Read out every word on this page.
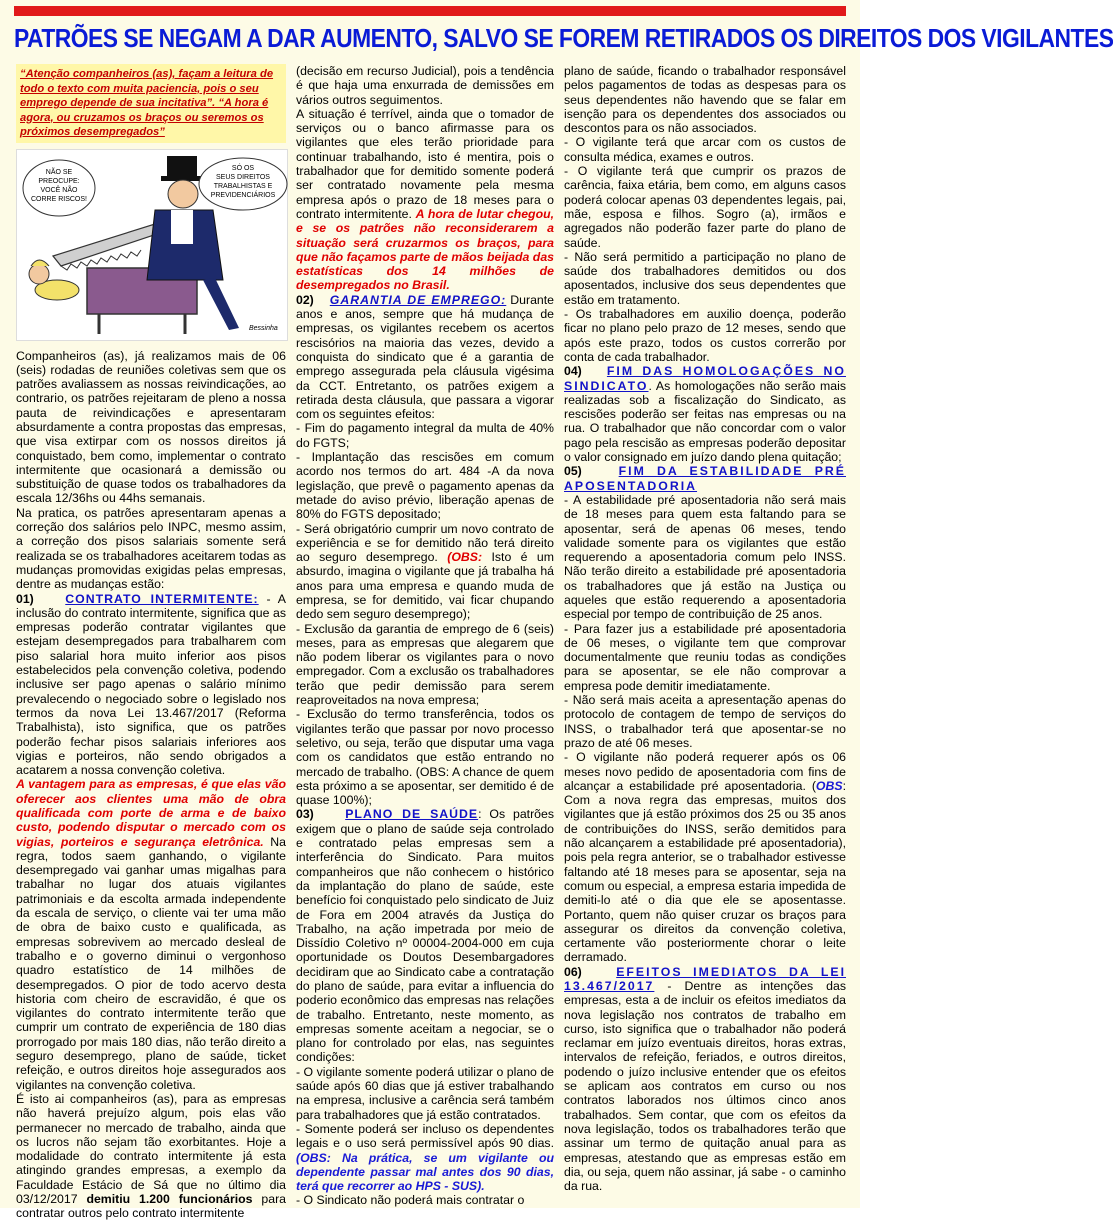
PATRÕES SE NEGAM A DAR AUMENTO, SALVO SE FOREM RETIRADOS OS DIREITOS DOS VIGILANTES
“Atenção companheiros (as), façam a leitura de todo o texto com muita paciencia, pois o seu emprego depende de sua incitativa”. “A hora é agora, ou cruzamos os braços ou seremos os próximos desempregados”
NÃO SE
PREOCUPE:
VOCÊ NÃO
CORRE RISCOS!
SÓ OS
SEUS DIREITOS
TRABALHISTAS E
PREVIDENCIÁRIOS
Bessinha

Companheiros (as), já realizamos mais de 06 (seis) rodadas de reuniões coletivas sem que os patrões avaliassem as nossas reivindicações, ao contrario, os patrões rejeitaram de pleno a nossa pauta de reivindicações e apresentaram absurdamente a contra propostas das empresas, que visa extirpar com os nossos direitos já conquistado, bem como, implementar o contrato intermitente que ocasionará a demissão ou substituição de quase todos os trabalhadores da escala 12/36hs ou 44hs semanais.

Na pratica, os patrões apresentaram apenas a correção dos salários pelo INPC, mesmo assim, a correção dos pisos salariais somente será realizada se os trabalhadores aceitarem todas as mudanças promovidas exigidas pelas empresas, dentre as mudanças estão:

01)	CONTRATO INTERMITENTE: - A inclusão do contrato intermitente, significa que as empresas poderão contratar vigilantes que estejam desempregados para trabalharem com piso salarial hora muito inferior aos pisos estabelecidos pela convenção coletiva, podendo inclusive ser pago apenas o salário mínimo prevalecendo o negociado sobre o legislado nos termos da nova Lei 13.467/2017 (Reforma Trabalhista), isto significa, que os patrões poderão fechar pisos salariais inferiores aos vigias e porteiros, não sendo obrigados a acatarem a nossa convenção coletiva.

A vantagem para as empresas, é que elas vão oferecer aos clientes uma mão de obra qualificada com porte de arma e de baixo custo, podendo disputar o mercado com os vigias, porteiros e segurança eletrônica. Na regra, todos saem ganhando, o vigilante desempregado vai ganhar umas migalhas para trabalhar no lugar dos atuais vigilantes patrimoniais e da escolta armada independente da escala de serviço, o cliente vai ter uma mão de obra de baixo custo e qualificada, as empresas sobrevivem ao mercado desleal de trabalho e o governo diminui o vergonhoso quadro estatístico de 14 milhões de desempregados. O pior de todo acervo desta historia com cheiro de escravidão, é que os vigilantes do contrato intermitente terão que cumprir um contrato de experiência de 180 dias prorrogado por mais 180 dias, não terão direito a seguro desemprego, plano de saúde, ticket refeição, e outros direitos hoje assegurados aos vigilantes na convenção coletiva.

É isto ai companheiros (as), para as empresas não haverá prejuízo algum, pois elas vão permanecer no mercado de trabalho, ainda que os lucros não sejam tão exorbitantes. Hoje a modalidade do contrato intermitente já esta atingindo grandes empresas, a exemplo da Faculdade Estácio de Sá que no último dia 03/12/2017 demitiu 1.200 funcionários para contratar outros pelo contrato intermitente

(decisão em recurso Judicial), pois a tendência é que haja uma enxurrada de demissões em vários outros seguimentos.

A situação é terrível, ainda que o tomador de serviços ou o banco afirmasse para os vigilantes que eles terão prioridade para continuar trabalhando, isto é mentira, pois o trabalhador que for demitido somente poderá ser contratado novamente pela mesma empresa após o prazo de 18 meses para o contrato intermitente. A hora de lutar chegou, e se os patrões não reconsiderarem a situação será cruzarmos os braços, para que não façamos parte de mãos beijada das estatísticas dos 14 milhões de desempregados no Brasil.

02) GARANTIA DE EMPREGO: Durante anos e anos, sempre que há mudança de empresas, os vigilantes recebem os acertos rescisórios na maioria das vezes, devido a conquista do sindicato que é a garantia de emprego assegurada pela cláusula vigésima da CCT. Entretanto, os patrões exigem a retirada desta cláusula, que passara a vigorar com os seguintes efeitos:

- Fim do pagamento integral da multa de 40% do FGTS;

- Implantação das rescisões em comum acordo nos termos do art. 484 -A da nova legislação, que prevê o pagamento apenas da metade do aviso prévio, liberação apenas de 80% do FGTS depositado;

- Será obrigatório cumprir um novo contrato de experiência e se for demitido não terá direito ao seguro desemprego. (OBS: Isto é um absurdo, imagina o vigilante que já trabalha há anos para uma empresa e quando muda de empresa, se for demitido, vai ficar chupando dedo sem seguro desemprego);

- Exclusão da garantia de emprego de 6 (seis) meses, para as empresas que alegarem que não podem liberar os vigilantes para o novo empregador. Com a exclusão os trabalhadores terão que pedir demissão para serem reaproveitados na nova empresa;

- Exclusão do termo transferência, todos os vigilantes terão que passar por novo processo seletivo, ou seja, terão que disputar uma vaga com os candidatos que estão entrando no mercado de trabalho. (OBS: A chance de quem esta próximo a se aposentar, ser demitido é de quase 100%);

03)	PLANO DE SAÚDE: Os patrões exigem que o plano de saúde seja controlado e contratado pelas empresas sem a interferência do Sindicato. Para muitos companheiros que não conhecem o histórico da implantação do plano de saúde, este benefício foi conquistado pelo sindicato de Juiz de Fora em 2004 através da Justiça do Trabalho, na ação impetrada por meio de Dissídio Coletivo nº 00004-2004-000 em cuja oportunidade os Doutos Desembargadores decidiram que ao Sindicato cabe a contratação do plano de saúde, para evitar a influencia do poderio econômico das empresas nas relações de trabalho. Entretanto, neste momento, as empresas somente aceitam a negociar, se o plano for controlado por elas, nas seguintes condições:

- O vigilante somente poderá utilizar o plano de saúde após 60 dias que já estiver trabalhando na empresa, inclusive a carência será também para trabalhadores que já estão contratados.

- Somente poderá ser incluso os dependentes legais e o uso será permissível após 90 dias. (OBS: Na prática, se um vigilante ou dependente passar mal antes dos 90 dias, terá que recorrer ao HPS - SUS).

- O Sindicato não poderá mais contratar o

plano de saúde, ficando o trabalhador responsável pelos pagamentos de todas as despesas para os seus dependentes não havendo que se falar em isenção para os dependentes dos associados ou descontos para os não associados.

- O vigilante terá que arcar com os custos de consulta médica, exames e outros.

- O vigilante terá que cumprir os prazos de carência, faixa etária, bem como, em alguns casos poderá colocar apenas 03 dependentes legais, pai, mãe, esposa e filhos. Sogro (a), irmãos e agregados não poderão fazer parte do plano de saúde.

- Não será permitido a participação no plano de saúde dos trabalhadores demitidos ou dos aposentados, inclusive dos seus dependentes que estão em tratamento.

- Os trabalhadores em auxilio doença, poderão ficar no plano pelo prazo de 12 meses, sendo que após este prazo, todos os custos correrão por conta de cada trabalhador.

04) FIM DAS HOMOLOGAÇÕES NO SINDICATO. As homologações não serão mais realizadas sob a fiscalização do Sindicato, as rescisões poderão ser feitas nas empresas ou na rua. O trabalhador que não concordar com o valor pago pela rescisão as empresas poderão depositar o valor consignado em juízo dando plena quitação;

05)	FIM DA ESTABILIDADE PRÉ APOSENTADORIA

- A estabilidade pré aposentadoria não será mais de 18 meses para quem esta faltando para se aposentar, será de apenas 06 meses, tendo validade somente para os vigilantes que estão requerendo a aposentadoria comum pelo INSS. Não terão direito a estabilidade pré aposentadoria os trabalhadores que já estão na Justiça ou aqueles que estão requerendo a aposentadoria especial por tempo de contribuição de 25 anos.

- Para fazer jus a estabilidade pré aposentadoria de 06 meses, o vigilante tem que comprovar documentalmente que reuniu todas as condições para se aposentar, se ele não comprovar a empresa pode demitir imediatamente.

- Não será mais aceita a apresentação apenas do protocolo de contagem de tempo de serviços do INSS, o trabalhador terá que aposentar-se no prazo de até 06 meses.

- O vigilante não poderá requerer após os 06 meses novo pedido de aposentadoria com fins de alcançar a estabilidade pré aposentadoria. (OBS: Com a nova regra das empresas, muitos dos vigilantes que já estão próximos dos 25 ou 35 anos de contribuições do INSS, serão demitidos para não alcançarem a estabilidade pré aposentadoria), pois pela regra anterior, se o trabalhador estivesse faltando até 18 meses para se aposentar, seja na comum ou especial, a empresa estaria impedida de demiti-lo até o dia que ele se aposentasse. Portanto, quem não quiser cruzar os braços para assegurar os direitos da convenção coletiva, certamente vão posteriormente chorar o leite derramado.

06)	EFEITOS IMEDIATOS DA LEI 13.467/2017 - Dentre as intenções das empresas, esta a de incluir os efeitos imediatos da nova legislação nos contratos de trabalho em curso, isto significa que o trabalhador não poderá reclamar em juízo eventuais direitos, horas extras, intervalos de refeição, feriados, e outros direitos, podendo o juízo inclusive entender que os efeitos se aplicam aos contratos em curso ou nos contratos laborados nos últimos cinco anos trabalhados. Sem contar, que com os efeitos da nova legislação, todos os trabalhadores terão que assinar um termo de quitação anual para as empresas, atestando que as empresas estão em dia, ou seja, quem não assinar, já sabe - o caminho da rua.
